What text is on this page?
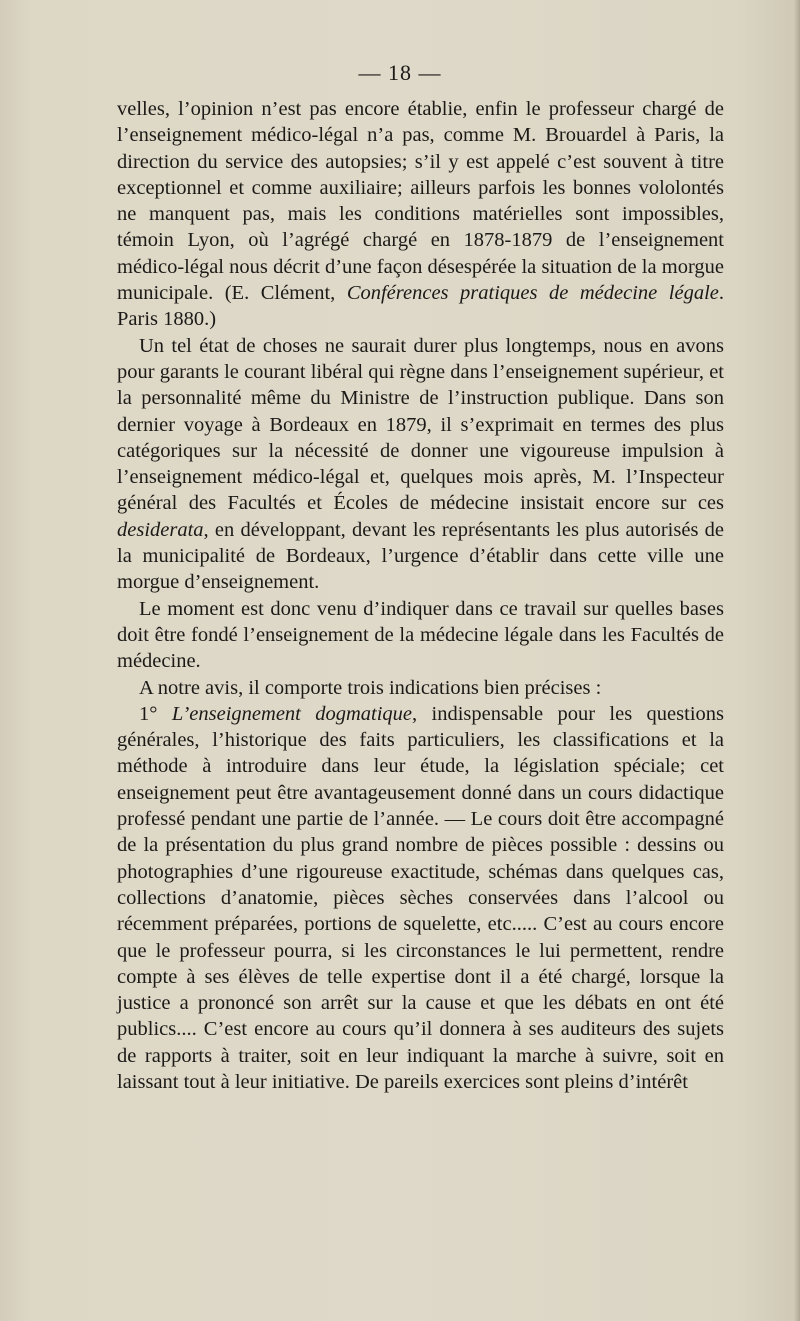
— 18 —

velles, l’opinion n’est pas encore établie, enfin le professeur chargé de l’enseignement médico-légal n’a pas, comme M. Brouardel à Paris, la direction du service des autopsies; s’il y est appelé c’est souvent à titre exceptionnel et comme auxiliaire; ailleurs parfois les bonnes vololontés ne manquent pas, mais les conditions matérielles sont impossibles, témoin Lyon, où l’agrégé chargé en 1878-1879 de l’enseignement médico-légal nous décrit d’une façon désespérée la situation de la morgue municipale. (E. Clément, Conférences pratiques de médecine légale. Paris 1880.)

Un tel état de choses ne saurait durer plus longtemps, nous en avons pour garants le courant libéral qui règne dans l’enseignement supérieur, et la personnalité même du Ministre de l’instruction publique. Dans son dernier voyage à Bordeaux en 1879, il s’exprimait en termes des plus catégoriques sur la nécessité de donner une vigoureuse impulsion à l’enseignement médico-légal et, quelques mois après, M. l’Inspecteur général des Facultés et Écoles de médecine insistait encore sur ces desiderata, en développant, devant les représentants les plus autorisés de la municipalité de Bordeaux, l’urgence d’établir dans cette ville une morgue d’enseignement.

Le moment est donc venu d’indiquer dans ce travail sur quelles bases doit être fondé l’enseignement de la médecine légale dans les Facultés de médecine.

A notre avis, il comporte trois indications bien précises :

1° L’enseignement dogmatique, indispensable pour les questions générales, l’historique des faits particuliers, les classifications et la méthode à introduire dans leur étude, la législation spéciale; cet enseignement peut être avantageusement donné dans un cours didactique professé pendant une partie de l’année. — Le cours doit être accompagné de la présentation du plus grand nombre de pièces possible : dessins ou photographies d’une rigoureuse exactitude, schémas dans quelques cas, collections d’anatomie, pièces sèches conservées dans l’alcool ou récemment préparées, portions de squelette, etc..... C’est au cours encore que le professeur pourra, si les circonstances le lui permettent, rendre compte à ses élèves de telle expertise dont il a été chargé, lorsque la justice a prononcé son arrêt sur la cause et que les débats en ont été publics.... C’est encore au cours qu’il donnera à ses auditeurs des sujets de rapports à traiter, soit en leur indiquant la marche à suivre, soit en laissant tout à leur initiative. De pareils exercices sont pleins d’intérêt
